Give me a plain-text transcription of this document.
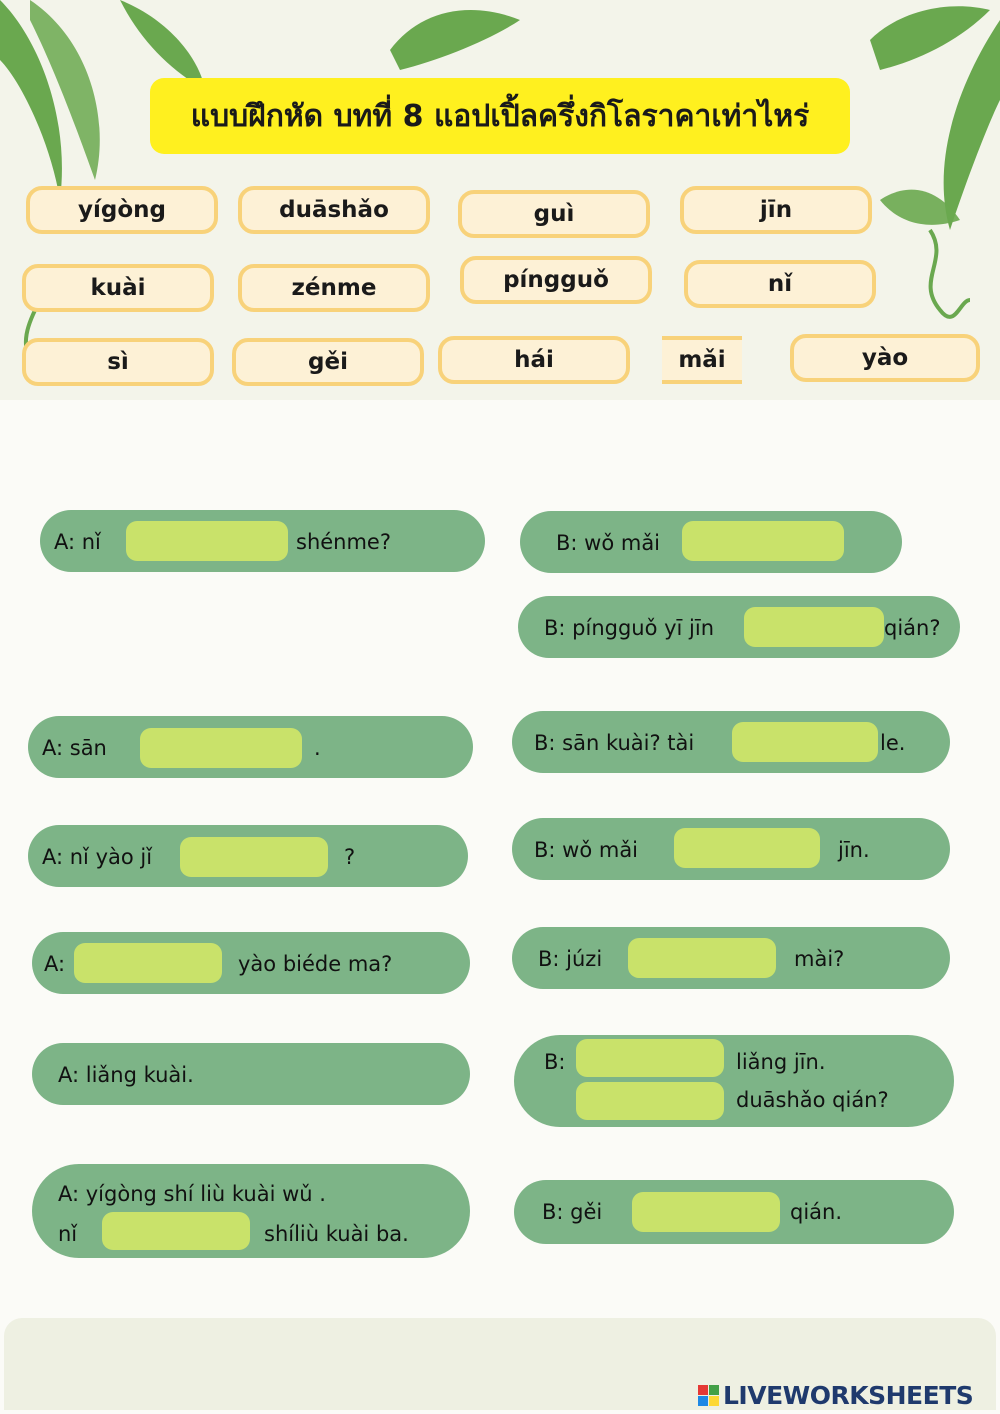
แบบฝึกหัด บทที่ 8 แอปเปิ้ลครึ่งกิโลราคาเท่าไหร่
yígòng	duāshǎo	guì	jīn
kuài	zénme	píngguǒ	nǐ
sì	gěi	hái	mǎi	yào
A: nǐ	shénme?	B: wǒ mǎi
B: píngguǒ yī jīn	qián?
A: sān	.	B: sān kuài? tài	le.
A: nǐ yào jǐ	?	B: wǒ mǎi	jīn.
A:	yào biéde ma?	B: júzi	mài?
A: liǎng kuài.
B:	liǎng jīn.
duāshǎo qián?
A: yígòng shí liù kuài wǔ .
nǐ	shíliù kuài ba.
B: gěi	qián.
LIVEWORKSHEETS
